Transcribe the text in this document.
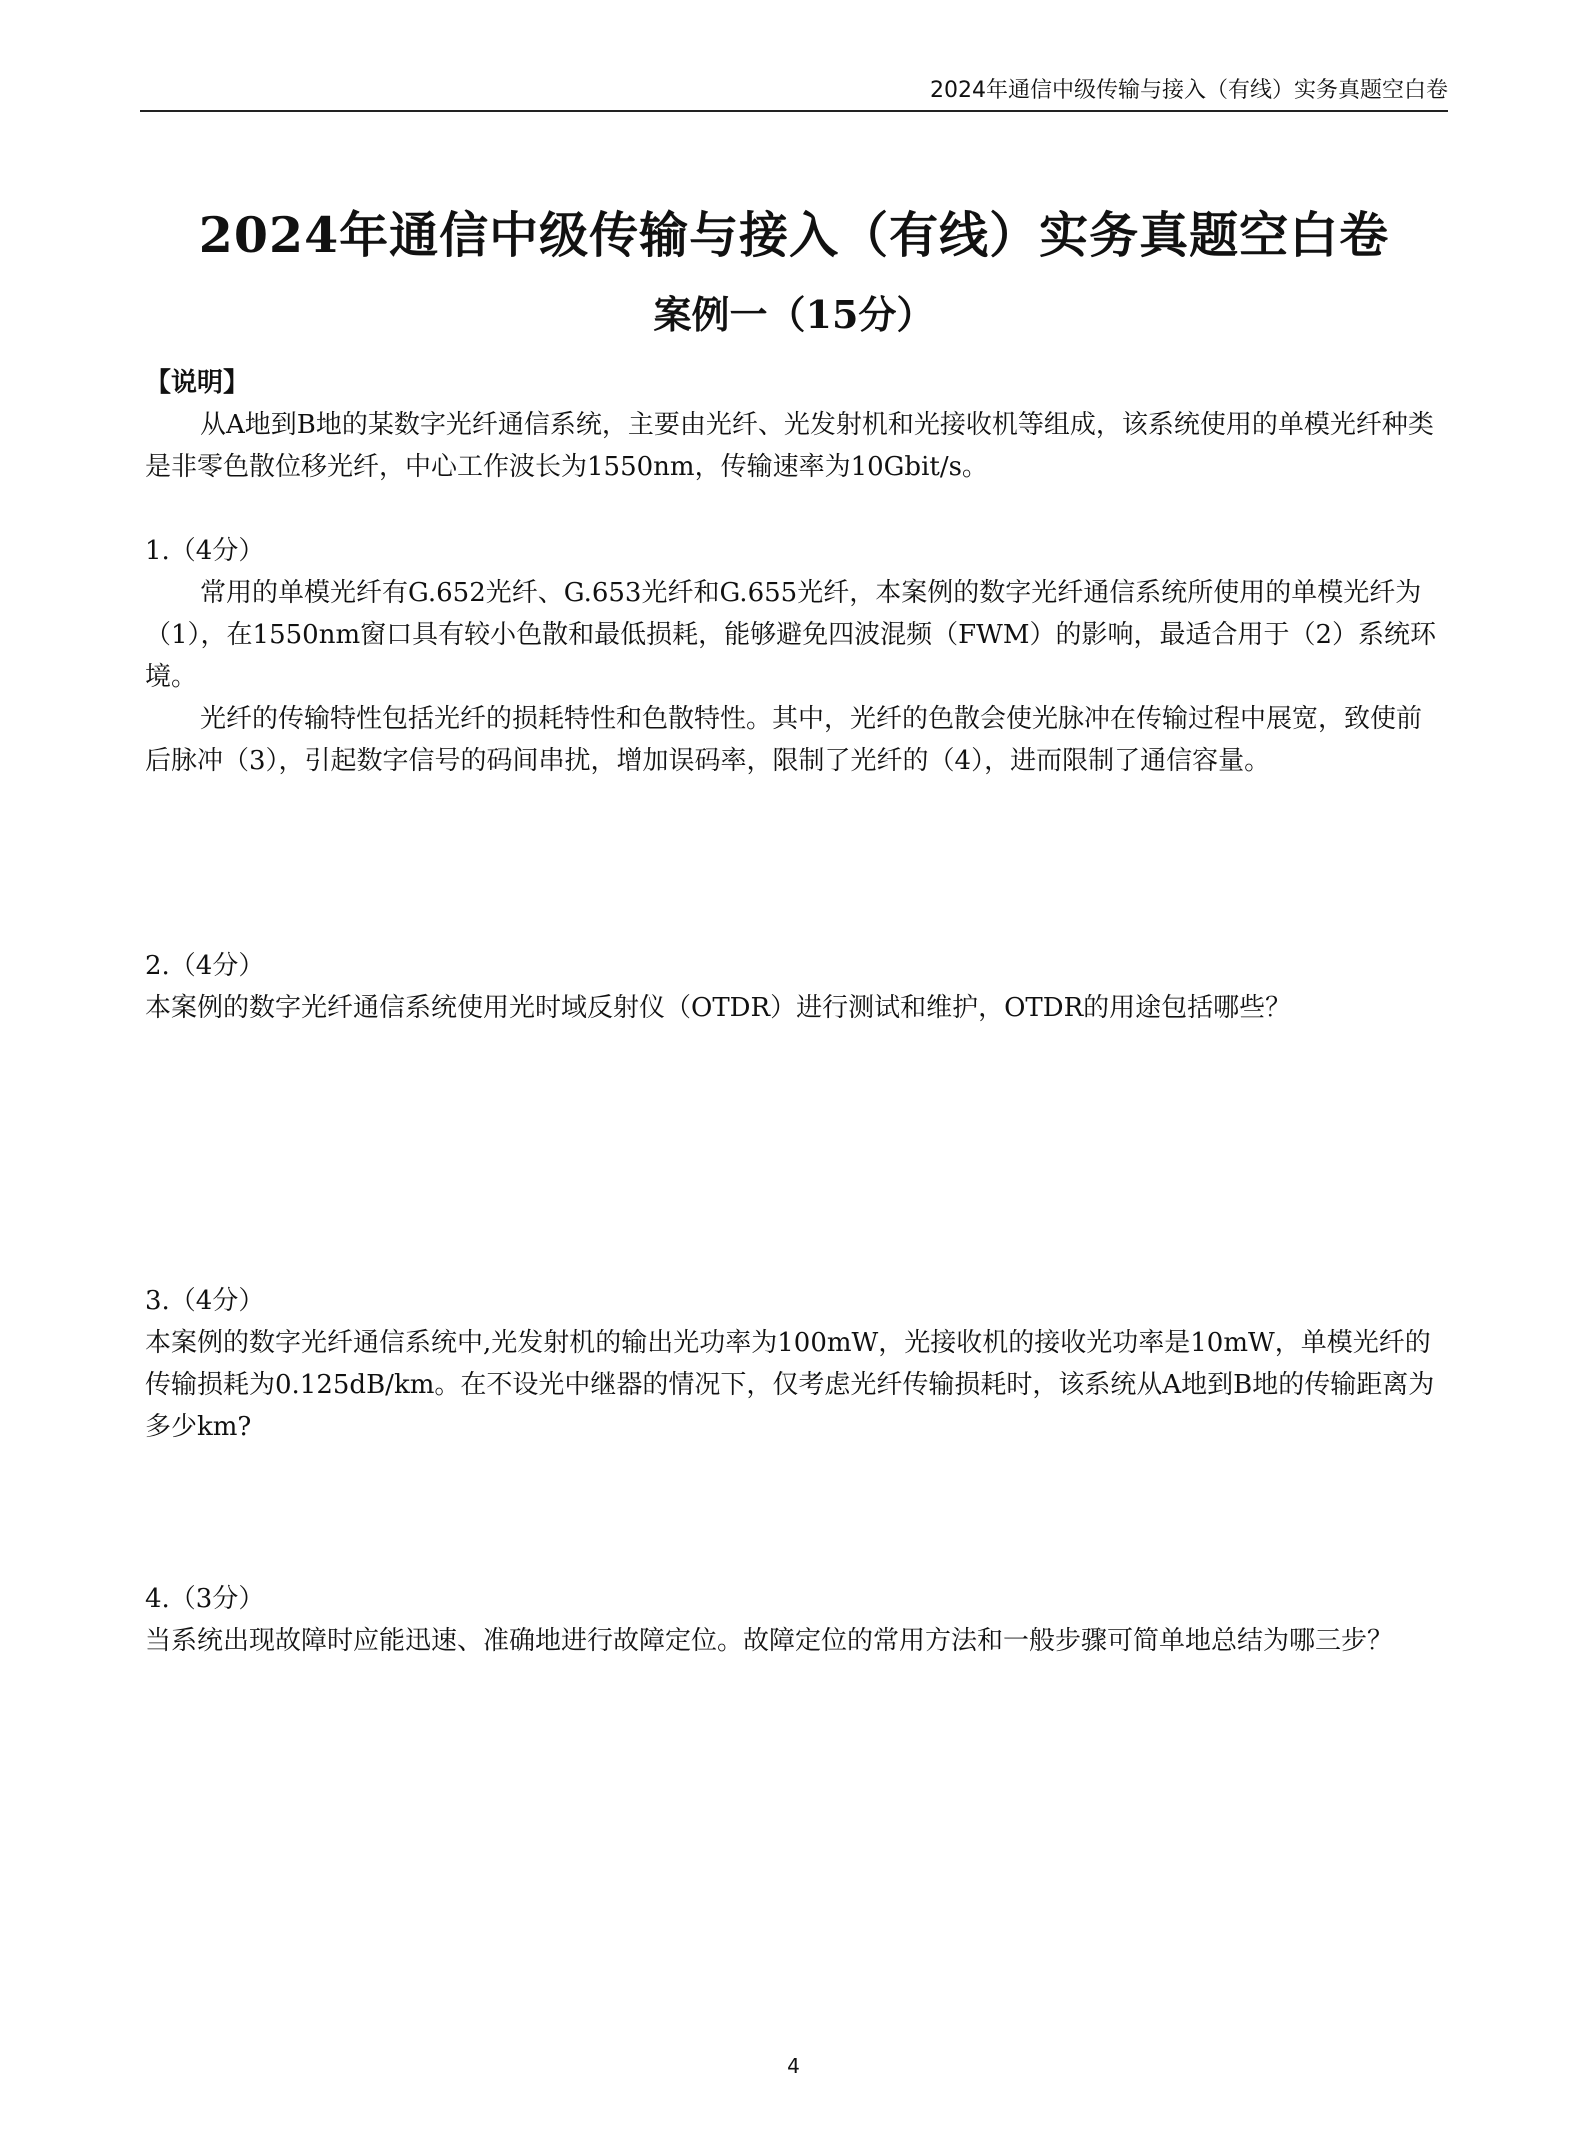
2024年通信中级传输与接入（有线）实务真题空白卷
2024年通信中级传输与接入（有线）实务真题空白卷
案例一（15分）

【说明】

从A地到B地的某数字光纤通信系统，主要由光纤、光发射机和光接收机等组成，该系统使用的单模光纤种类是非零色散位移光纤，中心工作波长为1550nm，传输速率为10Gbit/s。

1.（4分）

常用的单模光纤有G.652光纤、G.653光纤和G.655光纤，本案例的数字光纤通信系统所使用的单模光纤为（1），在1550nm窗口具有较小色散和最低损耗，能够避免四波混频（FWM）的影响，最适合用于（2）系统环境。

光纤的传输特性包括光纤的损耗特性和色散特性。其中，光纤的色散会使光脉冲在传输过程中展宽，致使前后脉冲（3），引起数字信号的码间串扰，增加误码率，限制了光纤的（4），进而限制了通信容量。

2.（4分）

本案例的数字光纤通信系统使用光时域反射仪（OTDR）进行测试和维护，OTDR的用途包括哪些？

3.（4分）

本案例的数字光纤通信系统中,光发射机的输出光功率为100mW，光接收机的接收光功率是10mW，单模光纤的传输损耗为0.125dB/km。在不设光中继器的情况下，仅考虑光纤传输损耗时，该系统从A地到B地的传输距离为多少km?

4.（3分）

当系统出现故障时应能迅速、准确地进行故障定位。故障定位的常用方法和一般步骤可简单地总结为哪三步？

4
